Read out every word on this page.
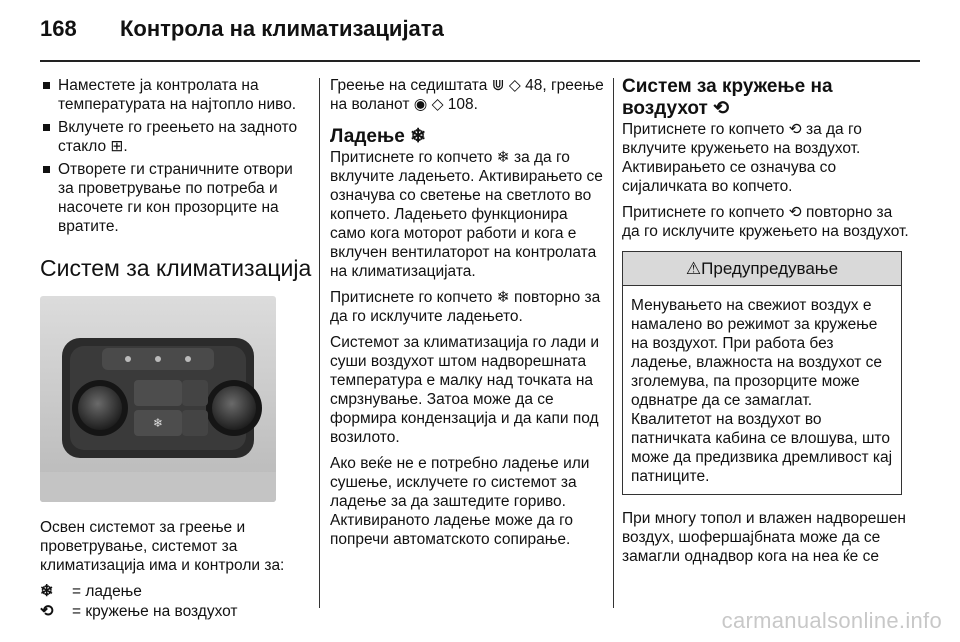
168 Контрола на климатизацијата
Наместете ја контролата на температурата на најтопло ниво.
Вклучете го греењето на задното стакло ⊞.
Отворете ги страничните отвори за проветрување по потреба и насочете ги кон прозорците на вратите.
Систем за климатизација
❄

Освен системот за греење и проветрување, системот за климатизација има и контроли за:

❄	= ладење
⟲	= кружење на воздухот

Греење на седиштата ⋓ ◇ 48, греење на воланот ◉ ◇ 108.

Ладење ❄

Притиснете го копчето ❄ за да го вклучите ладењето. Активирањето се означува со светење на светлото во копчето. Ладењето функционира само кога моторот работи и кога е вклучен вентилаторот на контролата на климатизацијата.

Притиснете го копчето ❄ повторно за да го исклучите ладењето.

Системот за климатизација го лади и суши воздухот штом надворешната температура е малку над точката на смрзнување. Затоа може да се формира кондензација и да капи под возилото.

Ако веќе не е потребно ладење или сушење, исклучете го системот за ладење за да заштедите гориво. Активираното ладење може да го попречи автоматското сопирање.

Систем за кружење на
воздухот ⟲

Притиснете го копчето ⟲ за да го вклучите кружењето на воздухот. Активирањето се означува со сијаличката во копчето.

Притиснете го копчето ⟲ повторно за да го исклучите кружењето на воздухот.

⚠Предупредување
Менувањето на свежиот воздух е намалено во режимот за кружење на воздухот. При работа без ладење, влажноста на воздухот се зголемува, па прозорците може одвнатре да се замаглат. Квалитетот на воздухот во патничката кабина се влошува, што може да предизвика дремливост кај патниците.

При многу топол и влажен надворешен воздух, шофершајбната може да се замагли однадвор кога на неа ќе се

carmanualsonline.info
